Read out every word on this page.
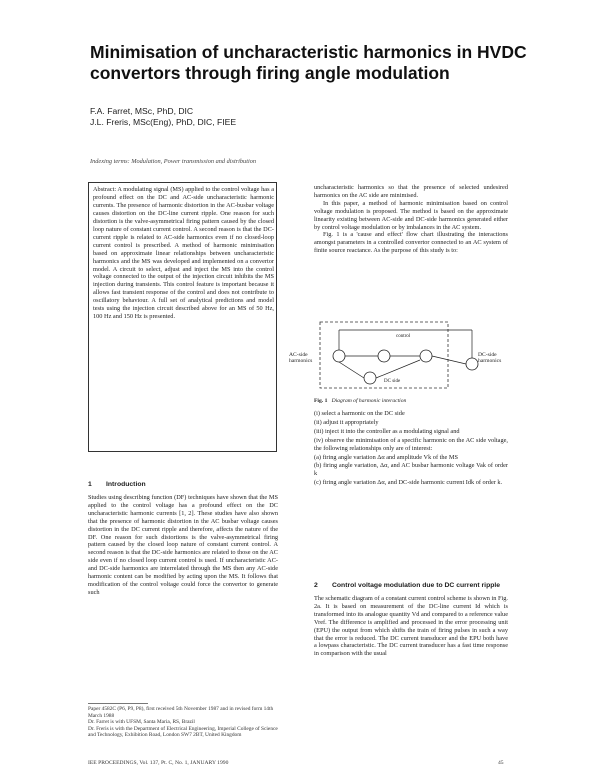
Minimisation of uncharacteristic harmonics in HVDC convertors through firing angle modulation
F.A. Farret, MSc, PhD, DIC
J.L. Freris, MSc(Eng), PhD, DIC, FIEE
Indexing terms: Modulation, Power transmission and distribution
Abstract: A modulating signal (MS) applied to the control voltage has a profound effect on the DC and AC-side uncharacteristic harmonic currents. The presence of harmonic distortion in the AC-busbar voltage causes distortion on the DC-line current ripple. One reason for such distortion is the valve-asymmetrical firing pattern caused by the closed loop nature of constant current control. A second reason is that the DC-current ripple is related to AC-side harmonics even if no closed-loop current control is prescribed. A method of harmonic minimisation based on approximate linear relationships between uncharacteristic harmonics and the MS was developed and implemented on a convertor model. A circuit to select, adjust and inject the MS into the control voltage connected to the output of the injection circuit inhibits the MS injection during transients. This control feature is important because it allows fast transient response of the control and does not contribute to oscillatory behaviour. A full set of analytical predictions and model tests using the injection circuit described above for an MS of 50 Hz, 100 Hz and 150 Hz is presented.
1 Introduction

Studies using describing function (DF) techniques have shown that the MS applied to the control voltage has a profound effect on the DC uncharacteristic harmonic currents [1, 2]. These studies have also shown that the presence of harmonic distortion in the AC busbar voltage causes distortion in the DC current ripple and therefore, affects the nature of the DF. One reason for such distortions is the valve-asymmetrical firing pattern caused by the closed loop nature of constant current control. A second reason is that the DC-side harmonics are related to those on the AC side even if no closed loop current control is used. If uncharacteristic AC- and DC-side harmonics are interrelated through the MS then any AC-side harmonic content can be modified by acting upon the MS. It follows that modification of the control voltage could force the convertor to generate such

Paper 4582C (P6, P9, P8), first received 5th November 1987 and in revised form 14th March 1988
Dr. Farret is with UFSM, Santa Maria, RS, Brazil
Dr. Freris is with the Department of Electrical Engineering, Imperial College of Science and Technology, Exhibition Road, London SW7 2BT, United Kingdom
IEE PROCEEDINGS, Vol. 137, Pt. C, No. 1, JANUARY 1990	45

uncharacteristic harmonics so that the presence of selected undesired harmonics on the AC side are minimised.

In this paper, a method of harmonic minimisation based on control voltage modulation is proposed. The method is based on the approximate linearity existing between AC-side and DC-side harmonics generated either by control voltage modulation or by imbalances in the AC system.

Fig. 1 is a 'cause and effect' flow chart illustrating the interactions amongst parameters in a controlled convertor connected to an AC system of finite source reactance. As the purpose of this study is to:

control
DC side
AC-side harmonics
DC-side harmonics
Fig. 1 Diagram of harmonic interaction

(i) select a harmonic on the DC side

(ii) adjust it appropriately

(iii) inject it into the controller as a modulating signal and

(iv) observe the minimisation of a specific harmonic on the AC side voltage, the following relationships only are of interest:

(a) firing angle variation Δα and amplitude Vk of the MS

(b) firing angle variation, Δα, and AC busbar harmonic voltage Vak of order k

(c) firing angle variation Δα, and DC-side harmonic current Idk of order k.

2	Control voltage modulation due to DC current ripple

The schematic diagram of a constant current control scheme is shown in Fig. 2a. It is based on measurement of the DC-line current Id which is transformed into its analogue quantity Vd and compared to a reference value Vref. The difference is amplified and processed in the error processing unit (EPU) the output from which shifts the train of firing pulses in such a way that the error is reduced. The DC current transducer and the EPU both have a lowpass characteristic. The DC current transducer has a fast time response in comparison with the usual
